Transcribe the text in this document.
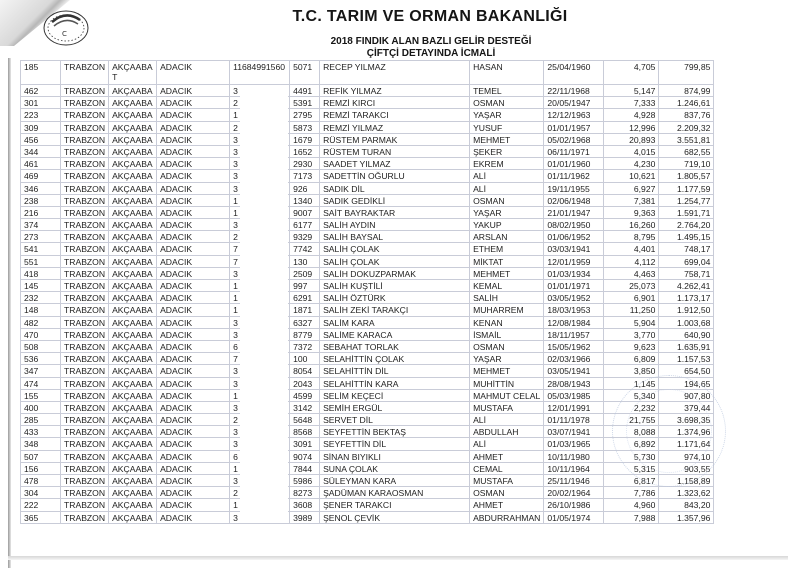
C
T.C. TARIM VE ORMAN BAKANLIĞI
2018 FINDIK ALAN BAZLI GELİR DESTEĞİ
ÇİFTÇİ DETAYINDA İCMALİ
185	TRABZON	AKÇAABAT	ADACIK	11684991560	5071	RECEP YILMAZ	HASAN	25/04/1960	4,705	799,85
462	TRABZON	AKÇAABA	ADACIK	3	4491	REFİK YILMAZ	TEMEL	22/11/1968	5,147	874,99
301	TRABZON	AKÇAABA	ADACIK	2	5391	REMZİ KIRCI	OSMAN	20/05/1947	7,333	1.246,61
223	TRABZON	AKÇAABA	ADACIK	1	2795	REMZİ TARAKCI	YAŞAR	12/12/1963	4,928	837,76
309	TRABZON	AKÇAABA	ADACIK	2	5873	REMZİ YILMAZ	YUSUF	01/01/1957	12,996	2.209,32
456	TRABZON	AKÇAABA	ADACIK	3	1679	RÜSTEM PARMAK	MEHMET	05/02/1968	20,893	3.551,81
344	TRABZON	AKÇAABA	ADACIK	3	1652	RÜSTEM TURAN	ŞEKER	06/11/1971	4,015	682,55
461	TRABZON	AKÇAABA	ADACIK	3	2930	SAADET YILMAZ	EKREM	01/01/1960	4,230	719,10
469	TRABZON	AKÇAABA	ADACIK	3	7173	SADETTİN OĞURLU	ALİ	01/11/1962	10,621	1.805,57
346	TRABZON	AKÇAABA	ADACIK	3	926	SADIK DİL	ALİ	19/11/1955	6,927	1.177,59
238	TRABZON	AKÇAABA	ADACIK	1	1340	SADIK GEDİKLİ	OSMAN	02/06/1948	7,381	1.254,77
216	TRABZON	AKÇAABA	ADACIK	1	9007	SAİT BAYRAKTAR	YAŞAR	21/01/1947	9,363	1.591,71
374	TRABZON	AKÇAABA	ADACIK	3	6177	SALİH AYDIN	YAKUP	08/02/1950	16,260	2.764,20
273	TRABZON	AKÇAABA	ADACIK	2	9329	SALİH BAYSAL	ARSLAN	01/06/1952	8,795	1.495,15
541	TRABZON	AKÇAABA	ADACIK	7	7742	SALİH ÇOLAK	ETHEM	03/03/1941	4,401	748,17
551	TRABZON	AKÇAABA	ADACIK	7	130	SALİH ÇOLAK	MİKTAT	12/01/1959	4,112	699,04
418	TRABZON	AKÇAABA	ADACIK	3	2509	SALİH DOKUZPARMAK	MEHMET	01/03/1934	4,463	758,71
145	TRABZON	AKÇAABA	ADACIK	1	997	SALİH KUŞTİLİ	KEMAL	01/01/1971	25,073	4.262,41
232	TRABZON	AKÇAABA	ADACIK	1	6291	SALİH ÖZTÜRK	SALİH	03/05/1952	6,901	1.173,17
148	TRABZON	AKÇAABA	ADACIK	1	1871	SALİH ZEKİ TARAKÇI	MUHARREM	18/03/1953	11,250	1.912,50
482	TRABZON	AKÇAABA	ADACIK	3	6327	SALİM KARA	KENAN	12/08/1984	5,904	1.003,68
470	TRABZON	AKÇAABA	ADACIK	3	8779	SALİME KARACA	İSMAİL	18/11/1957	3,770	640,90
508	TRABZON	AKÇAABA	ADACIK	6	7372	SEBAHAT TORLAK	OSMAN	15/05/1962	9,623	1.635,91
536	TRABZON	AKÇAABA	ADACIK	7	100	SELAHİTTİN ÇOLAK	YAŞAR	02/03/1966	6,809	1.157,53
347	TRABZON	AKÇAABA	ADACIK	3	8054	SELAHİTTİN DİL	MEHMET	03/05/1941	3,850	654,50
474	TRABZON	AKÇAABA	ADACIK	3	2043	SELAHİTTİN KARA	MUHİTTİN	28/08/1943	1,145	194,65
155	TRABZON	AKÇAABA	ADACIK	1	4599	SELİM KEÇECİ	MAHMUT CELAL	05/03/1985	5,340	907,80
400	TRABZON	AKÇAABA	ADACIK	3	3142	SEMİH ERGÜL	MUSTAFA	12/01/1991	2,232	379,44
285	TRABZON	AKÇAABA	ADACIK	2	5648	SERVET DİL	ALİ	01/11/1978	21,755	3.698,35
433	TRABZON	AKÇAABA	ADACIK	3	8568	SEYFETTİN BEKTAŞ	ABDULLAH	03/07/1941	8,088	1.374,96
348	TRABZON	AKÇAABA	ADACIK	3	3091	SEYFETTİN DİL	ALİ	01/03/1965	6,892	1.171,64
507	TRABZON	AKÇAABA	ADACIK	6	9074	SİNAN BIYIKLI	AHMET	10/11/1980	5,730	974,10
156	TRABZON	AKÇAABA	ADACIK	1	7844	SUNA ÇOLAK	CEMAL	10/11/1964	5,315	903,55
478	TRABZON	AKÇAABA	ADACIK	3	5986	SÜLEYMAN KARA	MUSTAFA	25/11/1946	6,817	1.158,89
304	TRABZON	AKÇAABA	ADACIK	2	8273	ŞADÜMAN KARAOSMAN	OSMAN	20/02/1964	7,786	1.323,62
222	TRABZON	AKÇAABA	ADACIK	1	3608	ŞENER TARAKCI	AHMET	26/10/1986	4,960	843,20
365	TRABZON	AKÇAABA	ADACIK	3	3989	ŞENOL ÇEVİK	ABDURRAHMAN	01/05/1974	7,988	1.357,96
